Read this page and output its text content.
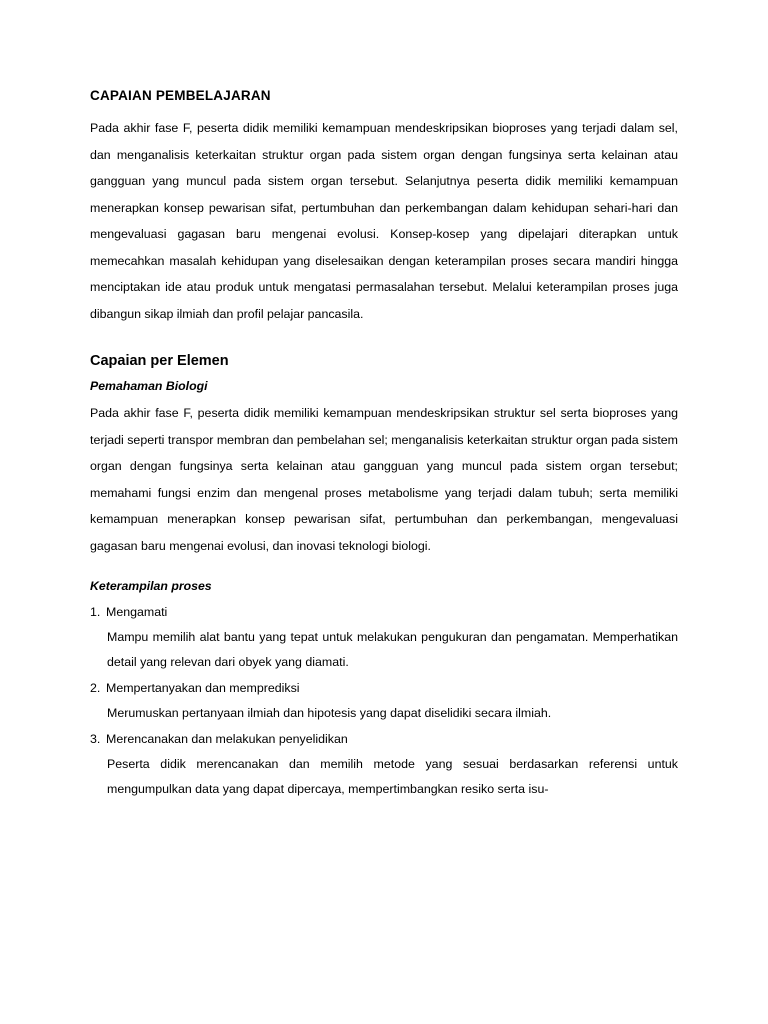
CAPAIAN PEMBELAJARAN

Pada akhir fase F, peserta didik memiliki kemampuan mendeskripsikan bioproses yang terjadi dalam sel, dan menganalisis keterkaitan struktur organ pada sistem organ dengan fungsinya serta kelainan atau gangguan yang muncul pada sistem organ tersebut. Selanjutnya peserta didik memiliki kemampuan menerapkan konsep pewarisan sifat, pertumbuhan dan perkembangan dalam kehidupan sehari-hari dan mengevaluasi gagasan baru mengenai evolusi. Konsep-kosep yang dipelajari diterapkan untuk memecahkan masalah kehidupan yang diselesaikan dengan keterampilan proses secara mandiri hingga menciptakan ide atau produk untuk mengatasi permasalahan tersebut. Melalui keterampilan proses juga dibangun sikap ilmiah dan profil pelajar pancasila.

Capaian per Elemen
Pemahaman Biologi

Pada akhir fase F, peserta didik memiliki kemampuan mendeskripsikan struktur sel serta bioproses yang terjadi seperti transpor membran dan pembelahan sel; menganalisis keterkaitan struktur organ pada sistem organ dengan fungsinya serta kelainan atau gangguan yang muncul pada sistem organ tersebut; memahami fungsi enzim dan mengenal proses metabolisme yang terjadi dalam tubuh; serta memiliki kemampuan menerapkan konsep pewarisan sifat, pertumbuhan dan perkembangan, mengevaluasi gagasan baru mengenai evolusi, dan inovasi teknologi biologi.

Keterampilan proses
1. Mengamati
Mampu memilih alat bantu yang tepat untuk melakukan pengukuran dan pengamatan. Memperhatikan detail yang relevan dari obyek yang diamati.
2. Mempertanyakan dan memprediksi
Merumuskan pertanyaan ilmiah dan hipotesis yang dapat diselidiki secara ilmiah.
3. Merencanakan dan melakukan penyelidikan
Peserta didik merencanakan dan memilih metode yang sesuai berdasarkan referensi untuk mengumpulkan data yang dapat dipercaya, mempertimbangkan resiko serta isu-
